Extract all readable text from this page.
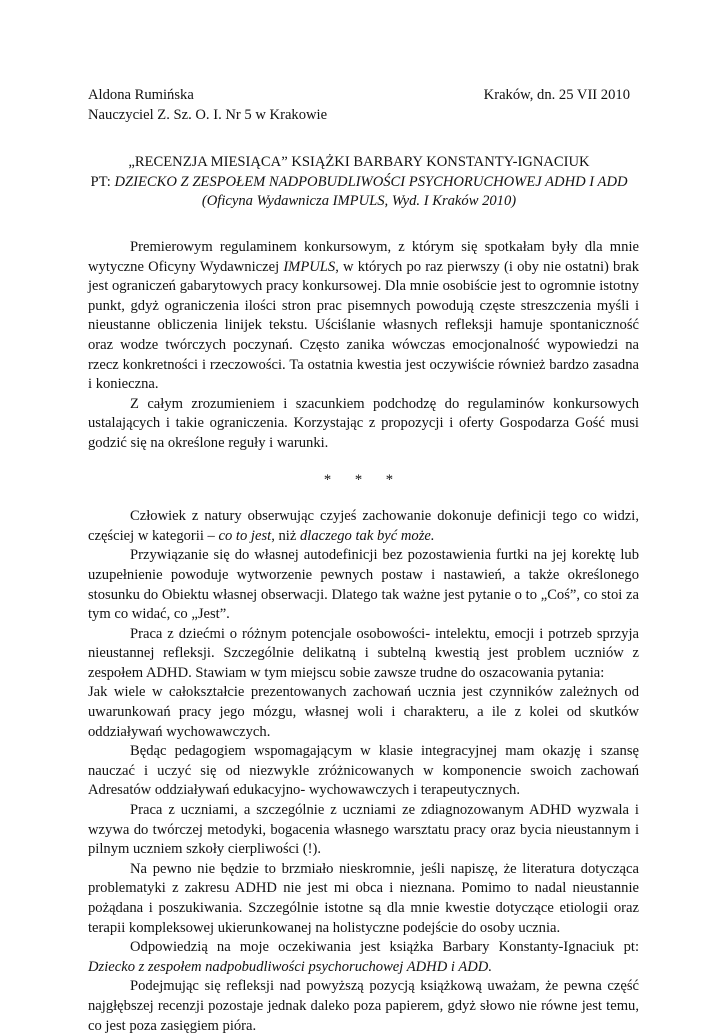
Aldona Rumińska	Kraków, dn. 25 VII 2010
Nauczyciel Z. Sz. O. I. Nr 5 w Krakowie
„RECENZJA MIESIĄCA” KSIĄŻKI BARBARY KONSTANTY-IGNACIUK
PT: DZIECKO Z ZESPOŁEM NADPOBUDLIWOŚCI PSYCHORUCHOWEJ ADHD I ADD
(Oficyna Wydawnicza IMPULS, Wyd. I Kraków 2010)

Premierowym regulaminem konkursowym, z którym się spotkałam były dla mnie wytyczne Oficyny Wydawniczej IMPULS, w których po raz pierwszy (i oby nie ostatni) brak jest ograniczeń gabarytowych pracy konkursowej. Dla mnie osobiście jest to ogromnie istotny punkt, gdyż ograniczenia ilości stron prac pisemnych powodują częste streszczenia myśli i nieustanne obliczenia linijek tekstu. Uściślanie własnych refleksji hamuje spontaniczność oraz wodze twórczych poczynań. Często zanika wówczas emocjonalność wypowiedzi na rzecz konkretności i rzeczowości. Ta ostatnia kwestia jest oczywiście również bardzo zasadna i konieczna.

Z całym zrozumieniem i szacunkiem podchodzę do regulaminów konkursowych ustalających i takie ograniczenia. Korzystając z propozycji i oferty Gospodarza Gość musi godzić się na określone reguły i warunki.

* * *

Człowiek z natury obserwując czyjeś zachowanie dokonuje definicji tego co widzi, częściej w kategorii – co to jest, niż dlaczego tak być może.

Przywiązanie się do własnej autodefinicji bez pozostawienia furtki na jej korektę lub uzupełnienie powoduje wytworzenie pewnych postaw i nastawień, a także określonego stosunku do Obiektu własnej obserwacji. Dlatego tak ważne jest pytanie o to „Coś”, co stoi za tym co widać, co „Jest”.

Praca z dziećmi o różnym potencjale osobowości- intelektu, emocji i potrzeb sprzyja nieustannej refleksji. Szczególnie delikatną i subtelną kwestią jest problem uczniów z zespołem ADHD. Stawiam w tym miejscu sobie zawsze trudne do oszacowania pytania:

Jak wiele w całokształcie prezentowanych zachowań ucznia jest czynników zależnych od uwarunkowań pracy jego mózgu, własnej woli i charakteru, a ile z kolei od skutków oddziaływań wychowawczych.

Będąc pedagogiem wspomagającym w klasie integracyjnej mam okazję i szansę nauczać i uczyć się od niezwykle zróżnicowanych w komponencie swoich zachowań Adresatów oddziaływań edukacyjno- wychowawczych i terapeutycznych.

Praca z uczniami, a szczególnie z uczniami ze zdiagnozowanym ADHD wyzwala i wzywa do twórczej metodyki, bogacenia własnego warsztatu pracy oraz bycia nieustannym i pilnym uczniem szkoły cierpliwości (!).

Na pewno nie będzie to brzmiało nieskromnie, jeśli napiszę, że literatura dotycząca problematyki z zakresu ADHD nie jest mi obca i nieznana. Pomimo to nadal nieustannie pożądana i poszukiwania. Szczególnie istotne są dla mnie kwestie dotyczące etiologii oraz terapii kompleksowej ukierunkowanej na holistyczne podejście do osoby ucznia.

Odpowiedzią na moje oczekiwania jest książka Barbary Konstanty-Ignaciuk pt: Dziecko z zespołem nadpobudliwości psychoruchowej ADHD i ADD.

Podejmując się refleksji nad powyższą pozycją książkową uważam, że pewna część najgłębszej recenzji pozostaje jednak daleko poza papierem, gdyż słowo nie równe jest temu, co jest poza zasięgiem pióra.
